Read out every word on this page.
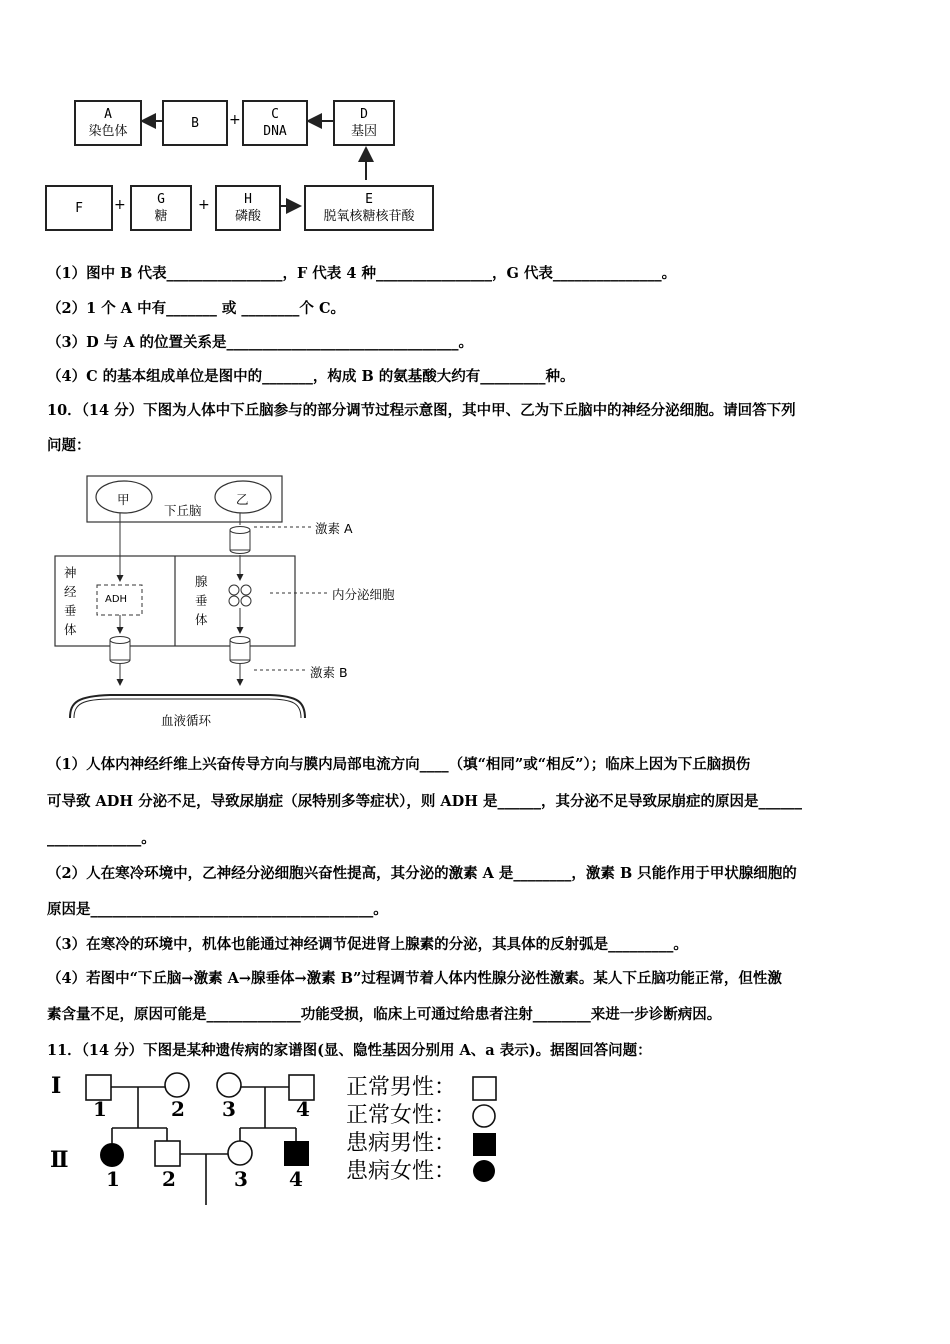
A
染色体
B + C
DNA
D
基因
F + G
糖
+	H
磷酸
E
脱氧核糖核苷酸
（1）图中 B 代表________________，F 代表 4 种________________，G 代表_______________。
（2）1 个 A 中有_______ 或 ________个 C。
（3）D 与 A 的位置关系是________________________________。
（4）C 的基本组成单位是图中的_______，构成 B 的氨基酸大约有_________种。
10．（14 分）下图为人体中下丘脑参与的部分调节过程示意图，其中甲、乙为下丘脑中的神经分泌细胞。请回答下列
问题：
甲	乙
下丘脑
激素 A
神
经
垂
体
腺
垂
体
ADH	内分泌细胞
激素 B
血液循环
（1）人体内神经纤维上兴奋传导方向与膜内局部电流方向____（填“相同”或“相反”）；临床上因为下丘脑损伤
可导致 ADH 分泌不足，导致尿崩症（尿特别多等症状），则 ADH 是______，其分泌不足导致尿崩症的原因是______
_____________。
（2）人在寒冷环境中，乙神经分泌细胞兴奋性提高，其分泌的激素 A 是________，激素 B 只能作用于甲状腺细胞的
原因是_______________________________________。
（3）在寒冷的环境中，机体也能通过神经调节促进肾上腺素的分泌，其具体的反射弧是_________。
（4）若图中“下丘脑→激素 A→腺垂体→激素 B”过程调节着人体内性腺分泌性激素。某人下丘脑功能正常，但性激
素含量不足，原因可能是_____________功能受损，临床上可通过给患者注射________来进一步诊断病因。
11．（14 分）下图是某种遗传病的家谱图(显、隐性基因分别用 A、a 表示)。据图回答问题：
Ⅰ
Ⅱ
1	2 3	4
1 2	3 4
正常男性：
正常女性：
患病男性：
患病女性：
